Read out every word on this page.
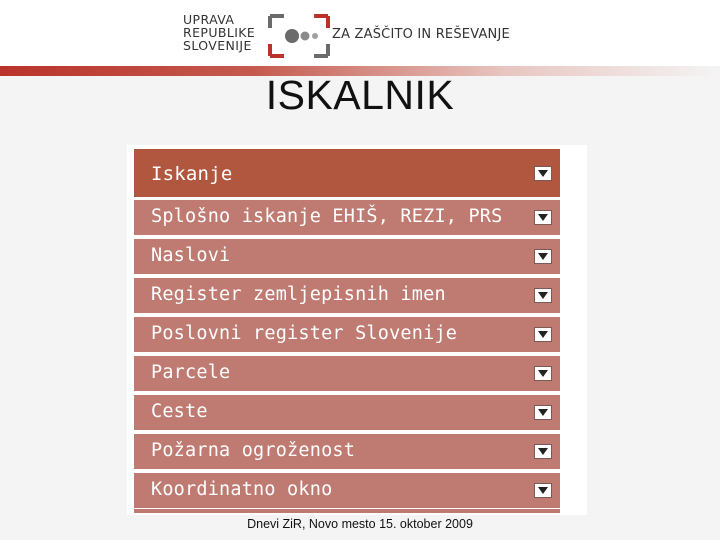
UPRAVA
REPUBLIKE
SLOVENIJE
ZA ZAŠČITO IN REŠEVANJE
ISKALNIK
Iskanje
Splošno iskanje EHIŠ, REZI, PRS
Naslovi
Register zemljepisnih imen
Poslovni register Slovenije
Parcele
Ceste
Požarna ogroženost
Koordinatno okno
Dnevi ZiR, Novo mesto 15. oktober 2009
